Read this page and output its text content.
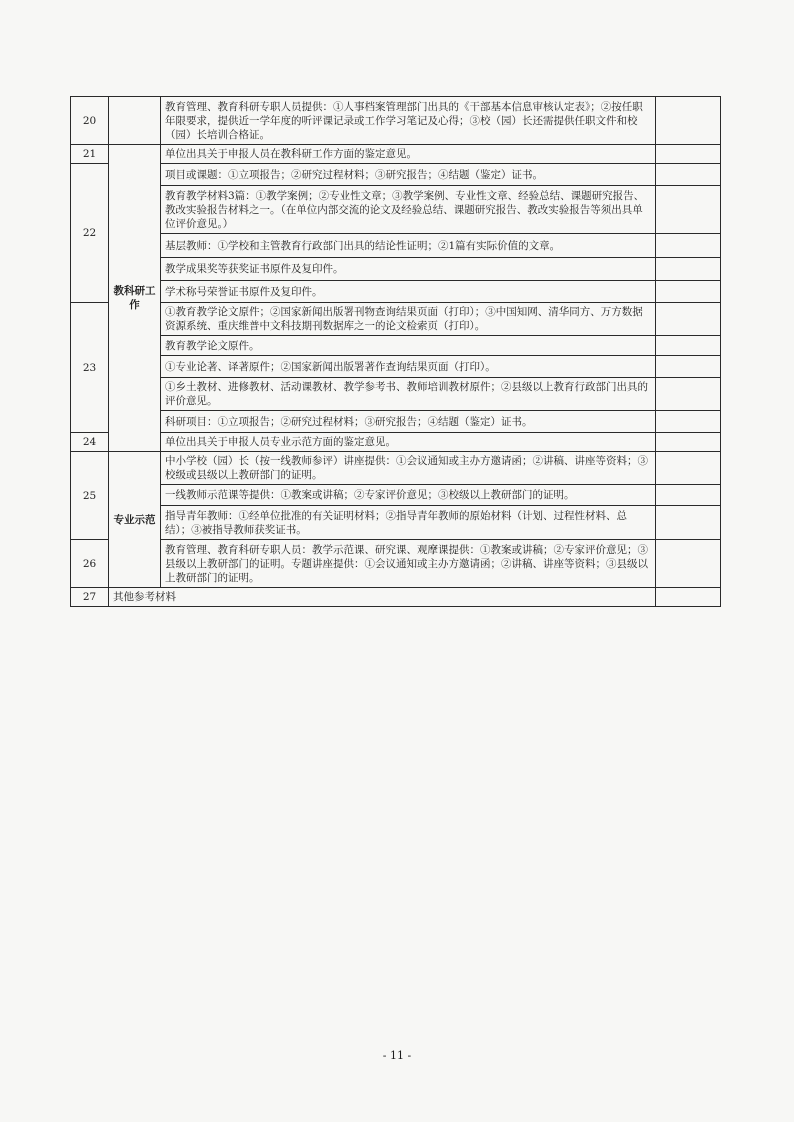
20		教育管理、教育科研专职人员提供：①人事档案管理部门出具的《干部基本信息审核认定表》；②按任职年限要求，提供近一学年度的听评课记录或工作学习笔记及心得；③校（园）长还需提供任职文件和校（园）长培训合格证。	
21	教科研工作	单位出具关于申报人员在教科研工作方面的鉴定意见。	
22		项目或课题：①立项报告；②研究过程材料；③研究报告；④结题（鉴定）证书。	
		教育教学材料3篇：①教学案例；②专业性文章；③教学案例、专业性文章、经验总结、课题研究报告、教改实验报告材料之一。（在单位内部交流的论文及经验总结、课题研究报告、教改实验报告等须出具单位评价意见。）	
		基层教师：①学校和主管教育行政部门出具的结论性证明；②1篇有实际价值的文章。	
		教学成果奖等获奖证书原件及复印件。	
		学术称号荣誉证书原件及复印件。	
23		①教育教学论文原件；②国家新闻出版署刊物查询结果页面（打印）；③中国知网、清华同方、万方数据资源系统、重庆维普中文科技期刊数据库之一的论文检索页（打印）。	
		教育教学论文原件。	
		①专业论著、译著原件；②国家新闻出版署著作查询结果页面（打印）。	
		①乡土教材、进修教材、活动课教材、教学参考书、教师培训教材原件；②县级以上教育行政部门出具的评价意见。	
		科研项目：①立项报告；②研究过程材料；③研究报告；④结题（鉴定）证书。	
24		单位出具关于申报人员专业示范方面的鉴定意见。	
25	专业示范	中小学校（园）长（按一线教师参评）讲座提供：①会议通知或主办方邀请函；②讲稿、讲座等资料；③校级或县级以上教研部门的证明。	
		一线教师示范课等提供：①教案或讲稿；②专家评价意见；③校级以上教研部门的证明。	
		指导青年教师：①经单位批准的有关证明材料；②指导青年教师的原始材料（计划、过程性材料、总结）；③被指导教师获奖证书。	
26		教育管理、教育科研专职人员：教学示范课、研究课、观摩课提供：①教案或讲稿；②专家评价意见；③县级以上教研部门的证明。专题讲座提供：①会议通知或主办方邀请函；②讲稿、讲座等资料；③县级以上教研部门的证明。	
27	其他参考材料		
- 11 -
